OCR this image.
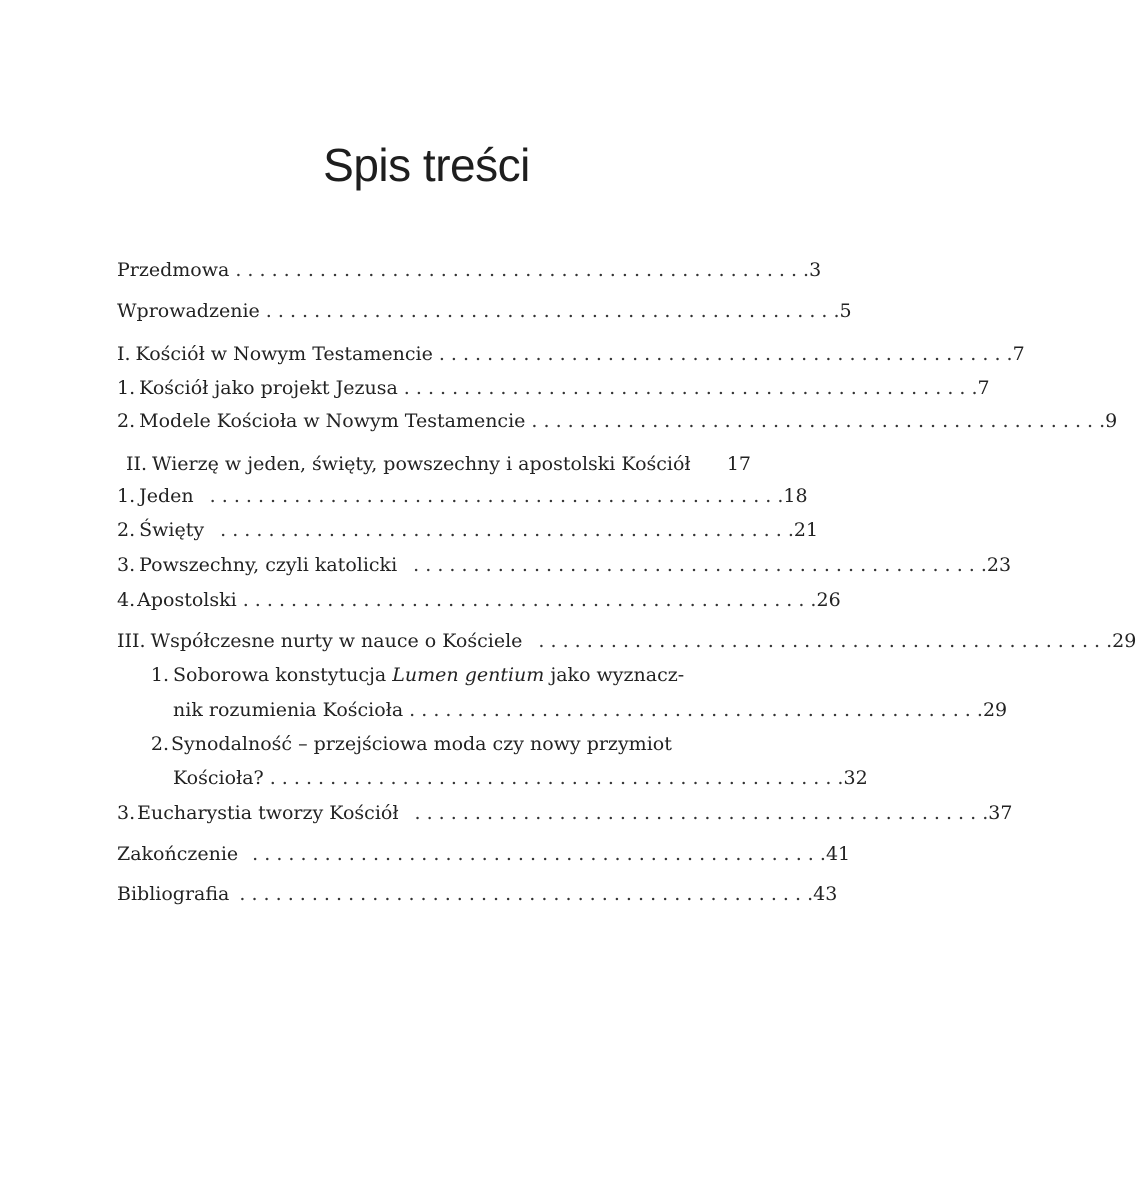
Spis treści
Przedmowa . . . . . . . . . . . . . . . . . . . . . . . . . . . . . . . . . . . . . . . . . . . . . . . . 3
Wprowadzenie . . . . . . . . . . . . . . . . . . . . . . . . . . . . . . . . . . . . . . . . . . . . . . . . 5
I. Kościół w Nowym Testamencie . . . . . . . . . . . . . . . . . . . . . . . . . . . . . . . . . . . . . . . . . . . . . . . . 7
1. Kościół jako projekt Jezusa . . . . . . . . . . . . . . . . . . . . . . . . . . . . . . . . . . . . . . . . . . . . . . . . 7
2. Modele Kościoła w Nowym Testamencie . . . . . . . . . . . . . . . . . . . . . . . . . . . . . . . . . . . . . . . . . . . . . . . . 9
II. Wierzę w jeden, święty, powszechny i apostolski Kościół	17
1. Jeden . . . . . . . . . . . . . . . . . . . . . . . . . . . . . . . . . . . . . . . . . . . . . . . . 18
2. Święty . . . . . . . . . . . . . . . . . . . . . . . . . . . . . . . . . . . . . . . . . . . . . . . . 21
3. Powszechny, czyli katolicki . . . . . . . . . . . . . . . . . . . . . . . . . . . . . . . . . . . . . . . . . . . . . . . . 23
4. Apostolski . . . . . . . . . . . . . . . . . . . . . . . . . . . . . . . . . . . . . . . . . . . . . . . . 26
III. Współczesne nurty w nauce o Kościele . . . . . . . . . . . . . . . . . . . . . . . . . . . . . . . . . . . . . . . . . . . . . . . . 29
1. Soborowa konstytucja Lumen gentium jako wyznacz-
nik rozumienia Kościoła . . . . . . . . . . . . . . . . . . . . . . . . . . . . . . . . . . . . . . . . . . . . . . . . 29
2. Synodalność – przejściowa moda czy nowy przymiot
Kościoła? . . . . . . . . . . . . . . . . . . . . . . . . . . . . . . . . . . . . . . . . . . . . . . . . 32
3. Eucharystia tworzy Kościół . . . . . . . . . . . . . . . . . . . . . . . . . . . . . . . . . . . . . . . . . . . . . . . . 37
Zakończenie . . . . . . . . . . . . . . . . . . . . . . . . . . . . . . . . . . . . . . . . . . . . . . . . 41
Bibliografia . . . . . . . . . . . . . . . . . . . . . . . . . . . . . . . . . . . . . . . . . . . . . . . . 43
